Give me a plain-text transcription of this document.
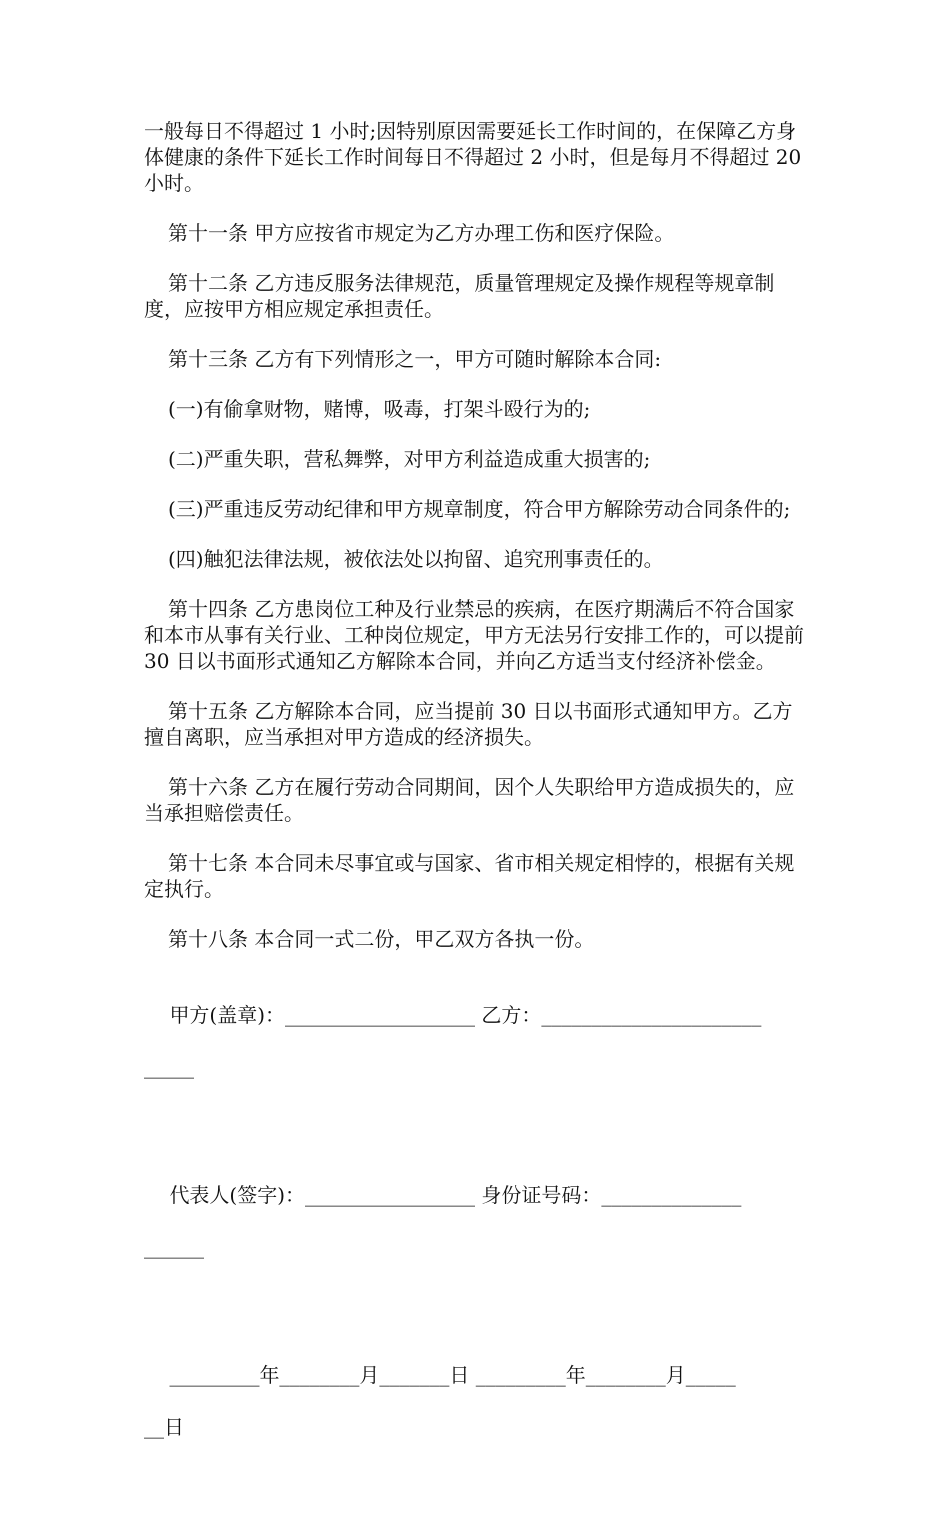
一般每日不得超过 1 小时;因特别原因需要延长工作时间的，在保障乙方身体健康的条件下延长工作时间每日不得超过 2 小时，但是每月不得超过 20 小时。

第十一条 甲方应按省市规定为乙方办理工伤和医疗保险。

第十二条 乙方违反服务法律规范，质量管理规定及操作规程等规章制度，应按甲方相应规定承担责任。

第十三条 乙方有下列情形之一，甲方可随时解除本合同:

(一)有偷拿财物，赌博，吸毒，打架斗殴行为的;

(二)严重失职，营私舞弊，对甲方利益造成重大损害的;

(三)严重违反劳动纪律和甲方规章制度，符合甲方解除劳动合同条件的;

(四)触犯法律法规，被依法处以拘留、追究刑事责任的。

第十四条 乙方患岗位工种及行业禁忌的疾病，在医疗期满后不符合国家和本市从事有关行业、工种岗位规定，甲方无法另行安排工作的，可以提前 30 日以书面形式通知乙方解除本合同，并向乙方适当支付经济补偿金。

第十五条 乙方解除本合同，应当提前 30 日以书面形式通知甲方。乙方擅自离职，应当承担对甲方造成的经济损失。

第十六条 乙方在履行劳动合同期间，因个人失职给甲方造成损失的，应当承担赔偿责任。

第十七条 本合同未尽事宜或与国家、省市相关规定相悖的，根据有关规定执行。

第十八条 本合同一式二份，甲乙双方各执一份。

甲方(盖章)：___________________ 乙方：______________________

_____

代表人(签字)：_________________ 身份证号码：______________

______

_________年________月_______日 _________年________月_____

__日
